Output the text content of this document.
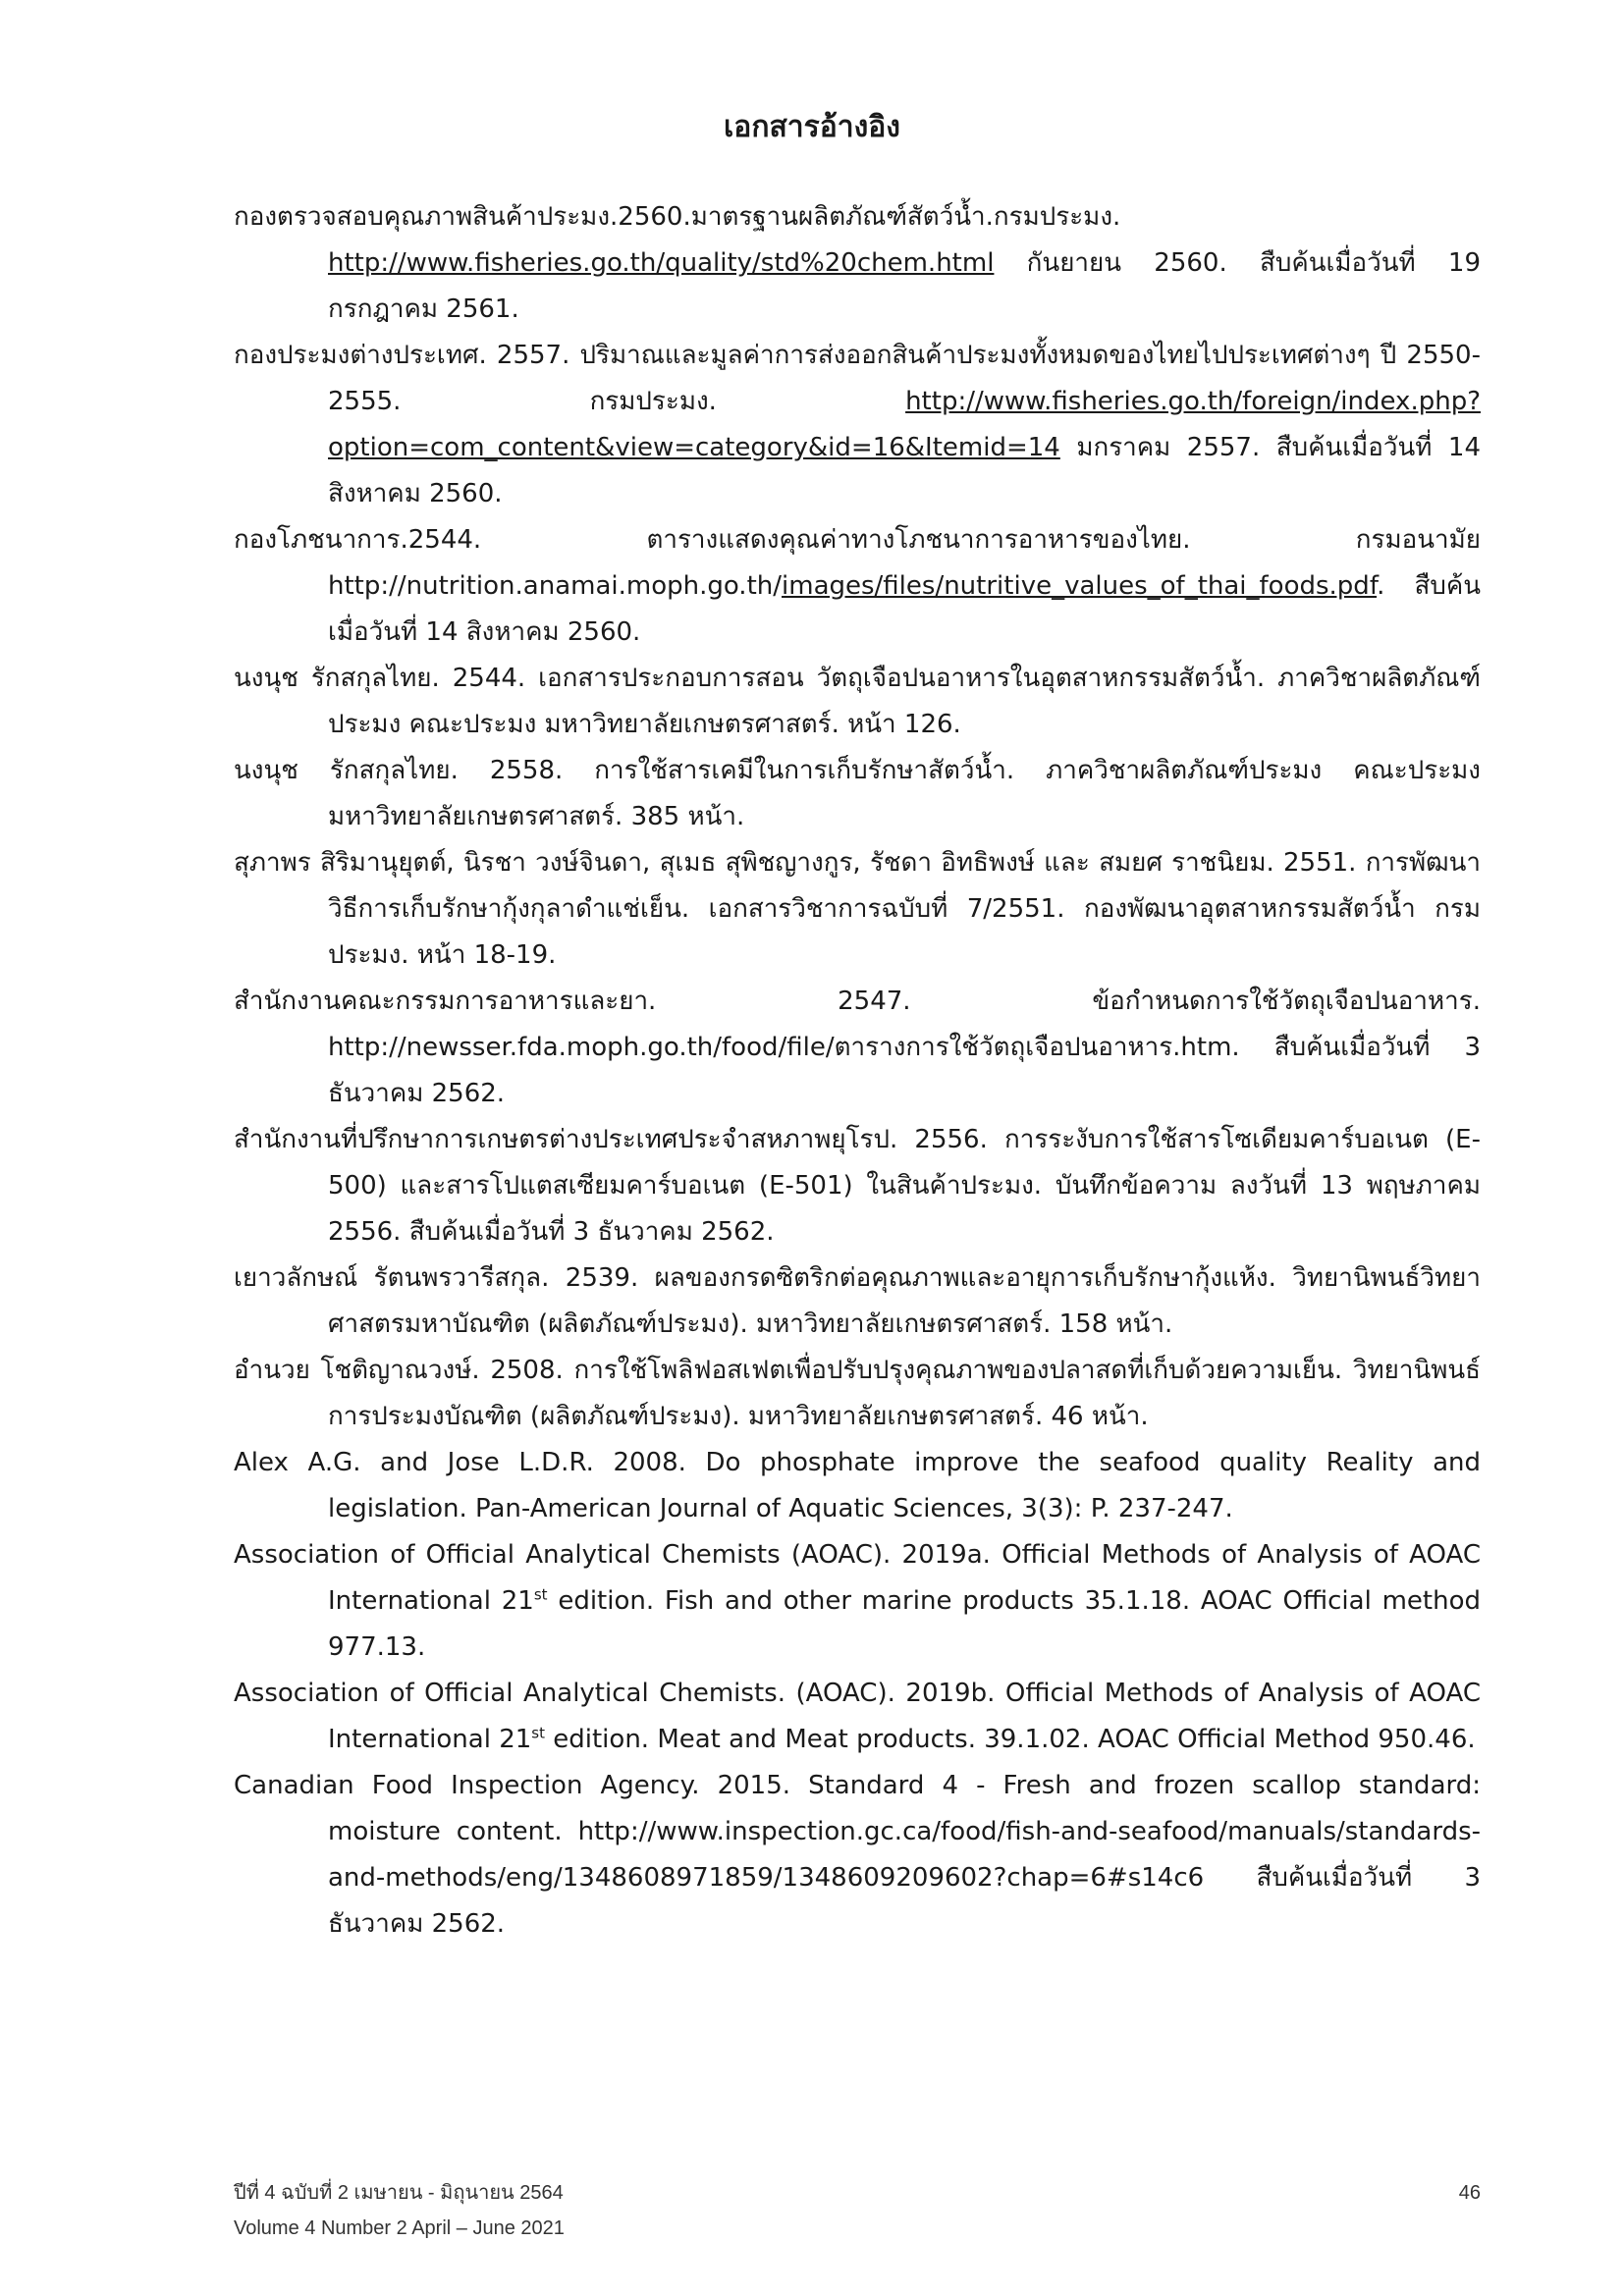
เอกสารอ้างอิง
กองตรวจสอบคุณภาพสินค้าประมง.2560.มาตรฐานผลิตภัณฑ์สัตว์น้ำ.กรมประมง. http://www.fisheries.go.th/quality/std%20chem.html กันยายน 2560. สืบค้นเมื่อวันที่ 19 กรกฎาคม 2561.
กองประมงต่างประเทศ. 2557. ปริมาณและมูลค่าการส่งออกสินค้าประมงทั้งหมดของไทยไปประเทศต่างๆ ปี 2550-2555. กรมประมง. http://www.fisheries.go.th/foreign/index.php?option=com_content&view=category&id=16&Itemid=14 มกราคม 2557. สืบค้นเมื่อวันที่ 14 สิงหาคม 2560.
กองโภชนาการ.2544. ตารางแสดงคุณค่าทางโภชนาการอาหารของไทย. กรมอนามัย http://nutrition.anamai.moph.go.th/images/files/nutritive_values_of_thai_foods.pdf. สืบค้นเมื่อวันที่ 14 สิงหาคม 2560.
นงนุช รักสกุลไทย. 2544. เอกสารประกอบการสอน วัตถุเจือปนอาหารในอุตสาหกรรมสัตว์น้ำ. ภาควิชาผลิตภัณฑ์ประมง คณะประมง มหาวิทยาลัยเกษตรศาสตร์. หน้า 126.
นงนุช รักสกุลไทย. 2558. การใช้สารเคมีในการเก็บรักษาสัตว์น้ำ. ภาควิชาผลิตภัณฑ์ประมง คณะประมง มหาวิทยาลัยเกษตรศาสตร์. 385 หน้า.
สุภาพร สิริมานุยุตต์, นิรชา วงษ์จินดา, สุเมธ สุพิชญางกูร, รัชดา อิทธิพงษ์ และ สมยศ ราชนิยม. 2551. การพัฒนาวิธีการเก็บรักษากุ้งกุลาดำแช่เย็น. เอกสารวิชาการฉบับที่ 7/2551. กองพัฒนาอุตสาหกรรมสัตว์น้ำ กรมประมง. หน้า 18-19.
สำนักงานคณะกรรมการอาหารและยา. 2547. ข้อกำหนดการใช้วัตถุเจือปนอาหาร. http://newsser.fda.moph.go.th/food/file/ตารางการใช้วัตถุเจือปนอาหาร.htm. สืบค้นเมื่อวันที่ 3 ธันวาคม 2562.
สำนักงานที่ปรึกษาการเกษตรต่างประเทศประจำสหภาพยุโรป. 2556. การระงับการใช้สารโซเดียมคาร์บอเนต (E-500) และสารโปแตสเซียมคาร์บอเนต (E-501) ในสินค้าประมง. บันทึกข้อความ ลงวันที่ 13 พฤษภาคม 2556. สืบค้นเมื่อวันที่ 3 ธันวาคม 2562.
เยาวลักษณ์ รัตนพรวารีสกุล. 2539. ผลของกรดซิตริกต่อคุณภาพและอายุการเก็บรักษากุ้งแห้ง. วิทยานิพนธ์วิทยาศาสตรมหาบัณฑิต (ผลิตภัณฑ์ประมง). มหาวิทยาลัยเกษตรศาสตร์. 158 หน้า.
อำนวย โชติญาณวงษ์. 2508. การใช้โพลิฟอสเฟตเพื่อปรับปรุงคุณภาพของปลาสดที่เก็บด้วยความเย็น. วิทยานิพนธ์การประมงบัณฑิต (ผลิตภัณฑ์ประมง). มหาวิทยาลัยเกษตรศาสตร์. 46 หน้า.
Alex A.G. and Jose L.D.R. 2008. Do phosphate improve the seafood quality Reality and legislation. Pan-American Journal of Aquatic Sciences, 3(3): P. 237-247.
Association of Official Analytical Chemists (AOAC). 2019a. Official Methods of Analysis of AOAC International 21st edition. Fish and other marine products 35.1.18. AOAC Official method 977.13.
Association of Official Analytical Chemists. (AOAC). 2019b. Official Methods of Analysis of AOAC International 21st edition. Meat and Meat products. 39.1.02. AOAC Official Method 950.46.
Canadian Food Inspection Agency. 2015. Standard 4 - Fresh and frozen scallop standard: moisture content. http://www.inspection.gc.ca/food/fish-and-seafood/manuals/standards-and-methods/eng/1348608971859/1348609209602?chap=6#s14c6 สืบค้นเมื่อวันที่ 3 ธันวาคม 2562.
ปีที่ 4 ฉบับที่ 2 เมษายน - มิถุนายน 2564
Volume 4 Number 2 April – June 2021
46
